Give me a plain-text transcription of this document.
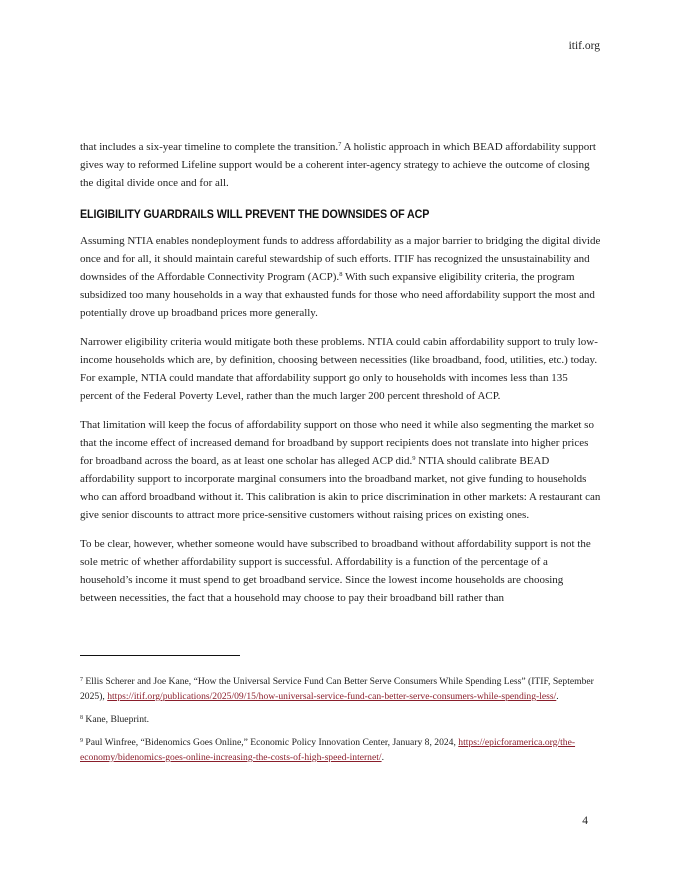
itif.org

that includes a six-year timeline to complete the transition.$^7$ A holistic approach in which BEAD affordability support gives way to reformed Lifeline support would be a coherent inter-agency strategy to achieve the outcome of closing the digital divide once and for all.

ELIGIBILITY GUARDRAILS WILL PREVENT THE DOWNSIDES OF ACP

Assuming NTIA enables nondeployment funds to address affordability as a major barrier to bridging the digital divide once and for all, it should maintain careful stewardship of such efforts. ITIF has recognized the unsustainability and downsides of the Affordable Connectivity Program (ACP).$^8$ With such expansive eligibility criteria, the program subsidized too many households in a way that exhausted funds for those who need affordability support the most and potentially drove up broadband prices more generally.

Narrower eligibility criteria would mitigate both these problems. NTIA could cabin affordability support to truly low-income households which are, by definition, choosing between necessities (like broadband, food, utilities, etc.) today. For example, NTIA could mandate that affordability support go only to households with incomes less than 135 percent of the Federal Poverty Level, rather than the much larger 200 percent threshold of ACP.

That limitation will keep the focus of affordability support on those who need it while also segmenting the market so that the income effect of increased demand for broadband by support recipients does not translate into higher prices for broadband across the board, as at least one scholar has alleged ACP did.$^9$ NTIA should calibrate BEAD affordability support to incorporate marginal consumers into the broadband market, not give funding to households who can afford broadband without it. This calibration is akin to price discrimination in other markets: A restaurant can give senior discounts to attract more price-sensitive customers without raising prices on existing ones.

To be clear, however, whether someone would have subscribed to broadband without affordability support is not the sole metric of whether affordability support is successful. Affordability is a function of the percentage of a household’s income it must spend to get broadband service. Since the lowest income households are choosing between necessities, the fact that a household may choose to pay their broadband bill rather than

$^7$ Ellis Scherer and Joe Kane, “How the Universal Service Fund Can Better Serve Consumers While Spending Less” (ITIF, September 2025), https://itif.org/publications/2025/09/15/how-universal-service-fund-can-better-serve-consumers-while-spending-less/.

$^8$ Kane, Blueprint.

$^9$ Paul Winfree, “Bidenomics Goes Online,” Economic Policy Innovation Center, January 8, 2024, https://epicforamerica.org/the-economy/bidenomics-goes-online-increasing-the-costs-of-high-speed-internet/.

4
